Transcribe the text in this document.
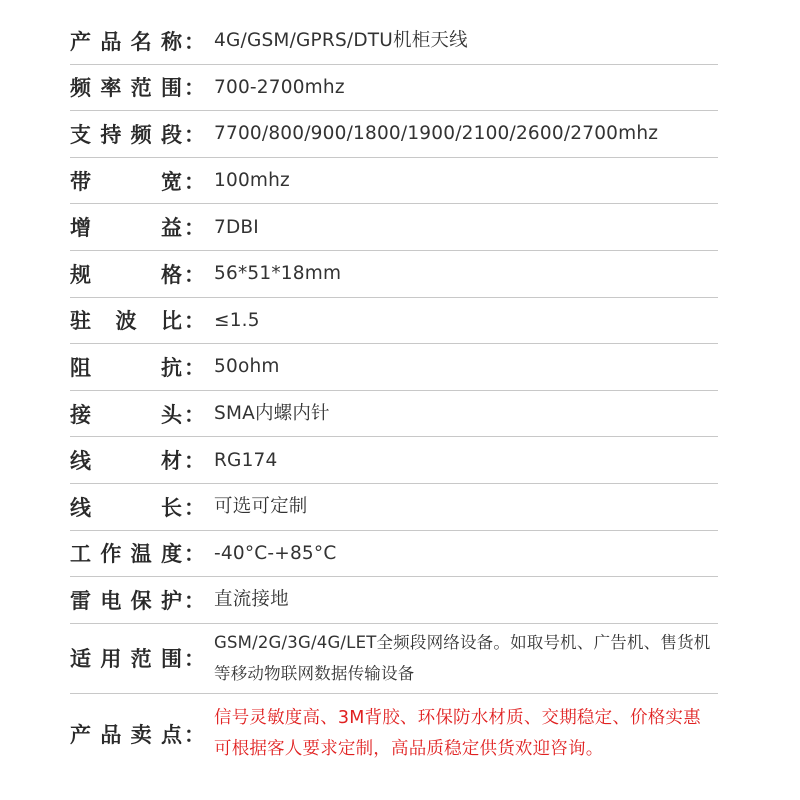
产 品 名 称 ： 4G/GSM/GPRS/DTU机柜天线
频 率 范 围 ： 700-2700mhz
支 持 频 段 ： 7700/800/900/1800/1900/2100/2600/2700mhz
带	宽 ： 100mhz
增	益 ： 7DBI
规	格 ： 56*51*18mm
驻 波 比 ： ≤1.5
阻	抗 ： 50ohm
接	头 ： SMA内螺内针
线	材 ： RG174
线	长 ： 可选可定制
工 作 温 度 ： -40°C-+85°C
雷 电 保 护 ： 直流接地
适 用 范 围 ：
GSM/2G/3G/4G/LET全频段网络设备。如取号机、广告机、售货机等移动物联网数据传输设备
产 品 卖 点 ：
信号灵敏度高、3M背胶、环保防水材质、交期稳定、价格实惠可根据客人要求定制，高品质稳定供货欢迎咨询。
